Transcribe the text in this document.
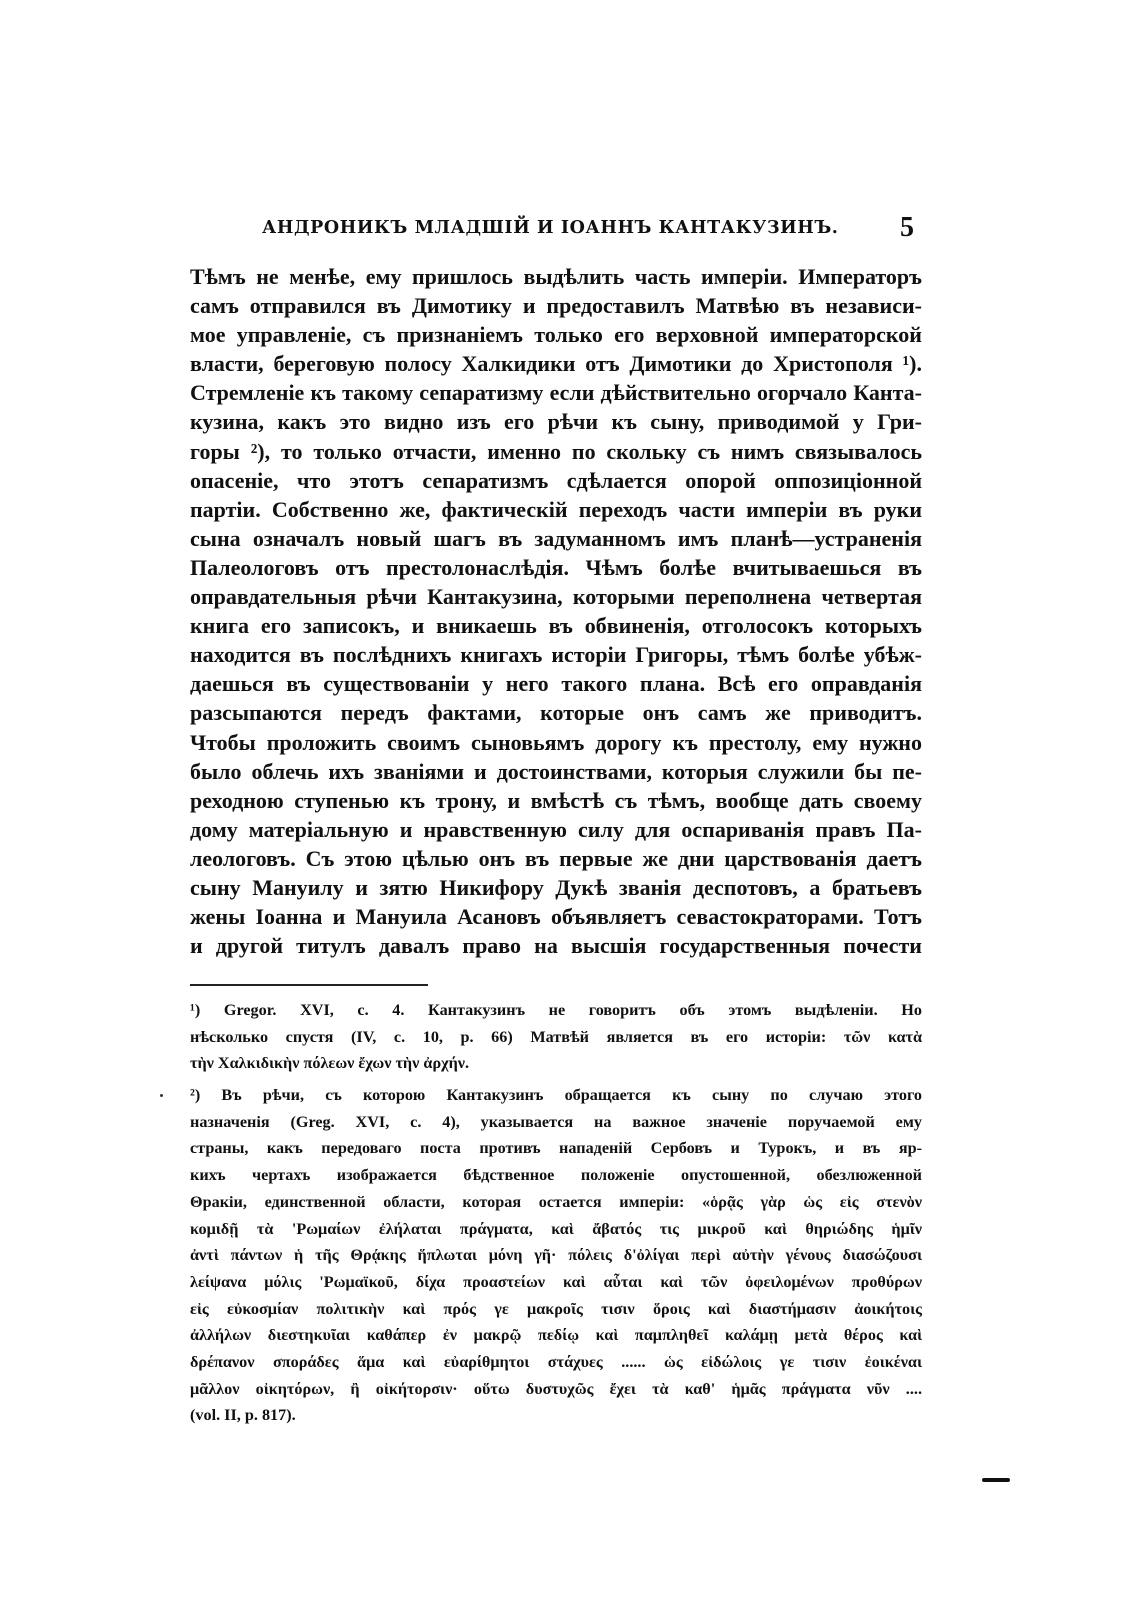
АНДРОНИКЪ МЛАДШІЙ И ІОАННЪ КАНТАКУЗИНЪ. 5
Тѣмъ не менѣе, ему пришлось выдѣлить часть имперіи. Императоръ
самъ отправился въ Димотику и предоставилъ Матвѣю въ независи-
мое управленіе, съ признаніемъ только его верховной императорской
власти, береговую полосу Халкидики отъ Димотики до Христополя ¹).
Стремленіе къ такому сепаратизму если дѣйствительно огорчало Канта-
кузина, какъ это видно изъ его рѣчи къ сыну, приводимой у Гри-
горы ²), то только отчасти, именно по скольку съ нимъ связывалось
опасеніе, что этотъ сепаратизмъ сдѣлается опорой оппозиціонной
партіи. Собственно же, фактическій переходъ части имперіи въ руки
сына означалъ новый шагъ въ задуманномъ имъ планѣ—устраненія
Палеологовъ отъ престолонаслѣдія. Чѣмъ болѣе вчитываешься въ
оправдательныя рѣчи Кантакузина, которыми переполнена четвертая
книга его записокъ, и вникаешь въ обвиненія, отголосокъ которыхъ
находится въ послѣднихъ книгахъ исторіи Григоры, тѣмъ болѣе убѣж-
даешься въ существованіи у него такого плана. Всѣ его оправданія
разсыпаются передъ фактами, которые онъ самъ же приводитъ.
Чтобы проложить своимъ сыновьямъ дорогу къ престолу, ему нужно
было облечь ихъ званіями и достоинствами, которыя служили бы пе-
реходною ступенью къ трону, и вмѣстѣ съ тѣмъ, вообще дать своему
дому матеріальную и нравственную силу для оспариванія правъ Па-
леологовъ. Съ этою цѣлью онъ въ первые же дни царствованія даетъ
сыну Мануилу и зятю Никифору Дукѣ званія деспотовъ, а братьевъ
жены Іоанна и Мануила Асановъ объявляетъ севастократорами. Тотъ
и другой титулъ давалъ право на высшія государственныя почести
¹) Gregor. XVI, c. 4. Кантакузинъ не говоритъ объ этомъ выдѣленіи. Но
нѣсколько спустя (IV, c. 10, p. 66) Матвѣй является въ его исторіи: τῶν κατὰ
τὴν Χαλκιδικὴν πόλεων ἔχων τὴν ἀρχήν.
²) Въ рѣчи, съ которою Кантакузинъ обращается къ сыну по случаю этого
назначенія (Greg. XVI, c. 4), указывается на важное значеніе поручаемой ему
страны, какъ передоваго поста противъ нападеній Сербовъ и Турокъ, и въ яр-
кихъ чертахъ изображается бѣдственное положеніе опустошенной, обезлюженной
Θракіи, единственной области, которая остается имперіи: «ὁρᾷς γὰρ ὡς εἰς στενὸν
κομιδῇ τὰ 'Ρωμαίων ἐλήλαται πράγματα, καὶ ἄβατός τις μικροῦ καὶ θηριώδης ἡμῖν
ἀντὶ πάντων ἡ τῆς Θρᾴκης ἥπλωται μόνη γῆ· πόλεις δ'ὀλίγαι περὶ αὐτὴν γένους διασώζουσι
λείψανα μόλις 'Ρωμαϊκοῦ, δίχα προαστείων καὶ αὗται καὶ τῶν ὀφειλομένων προθύρων
εἰς εὐκοσμίαν πολιτικὴν καὶ πρός γε μακροῖς τισιν ὅροις καὶ διαστήμασιν ἀοικήτοις
ἀλλήλων διεστηκυῖαι καθάπερ ἐν μακρῷ πεδίῳ καὶ παμπληθεῖ καλάμῃ μετὰ θέρος καὶ
δρέπανον σποράδες ἅμα καὶ εὐαρίθμητοι στάχυες ...... ὡς εἰδώλοις γε τισιν ἐοικέναι
μᾶλλον οἰκητόρων, ἢ οἰκήτορσιν· οὕτω δυστυχῶς ἔχει τὰ καθ' ἡμᾶς πράγματα νῦν ....
(vol. II, p. 817).
